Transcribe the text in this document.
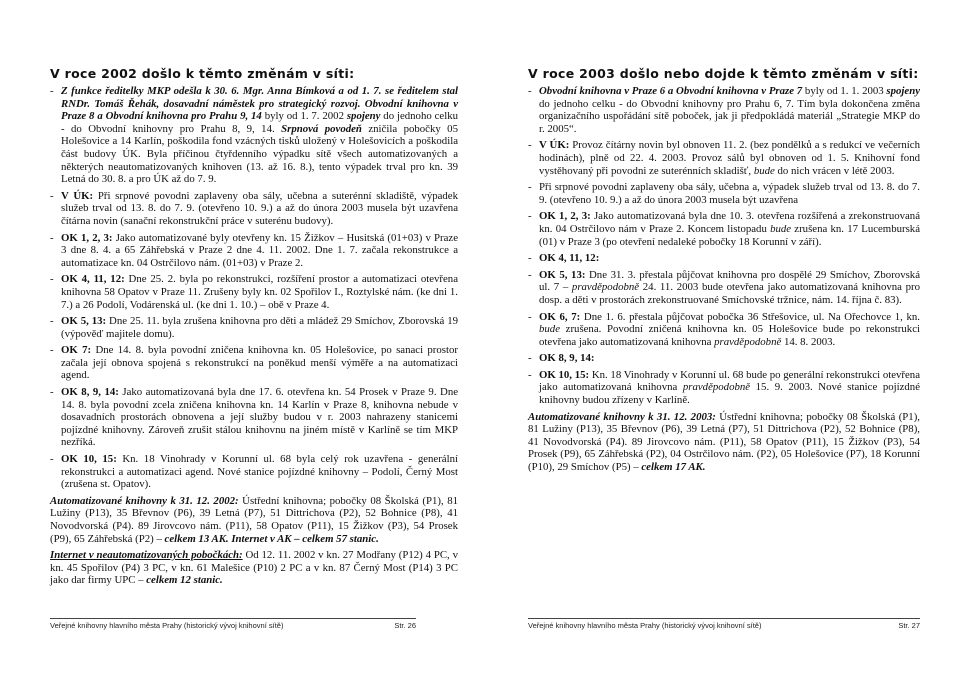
V roce 2002 došlo k těmto změnám v síti:

- Z funkce ředitelky MKP odešla k 30. 6. Mgr. Anna Bímková a od 1. 7. se ředitelem stal RNDr. Tomáš Řehák, dosavadní náměstek pro strategický rozvoj. Obvodní knihovna v Praze 8 a Obvodní knihovna pro Prahu 9, 14 byly od 1. 7. 2002 spojeny do jednoho celku - do Obvodní knihovny pro Prahu 8, 9, 14. Srpnová povodeň zničila pobočky 05 Holešovice a 14 Karlín, poškodila fond vzácných tisků uložený v Holešovicích a poškodila část budovy ÚK. Byla příčinou čtyřdenního výpadku sítě všech automatizovaných a některých neautomatizovaných knihoven (13. až 16. 8.), tento výpadek trval pro kn. 39 Letná do 30. 8. a pro ÚK až do 7. 9.

- V ÚK: Při srpnové povodni zaplaveny oba sály, učebna a suterénní skladiště, výpadek služeb trval od 13. 8. do 7. 9. (otevřeno 10. 9.) a až do února 2003 musela být uzavřena čítárna novin (sanační rekonstrukční práce v suterénu budovy).

- OK 1, 2, 3: Jako automatizované byly otevřeny kn. 15 Žižkov – Husitská (01+03) v Praze 3 dne 8. 4. a 65 Záhřebská v Praze 2 dne 4. 11. 2002. Dne 1. 7. začala rekonstrukce a automatizace kn. 04 Ostrčilovo nám. (01+03) v Praze 2.

- OK 4, 11, 12: Dne 25. 2. byla po rekonstrukci, rozšíření prostor a automatizaci otevřena knihovna 58 Opatov v Praze 11. Zrušeny byly kn. 02 Spořilov I., Roztylské nám. (ke dni 1. 7.) a 26 Podolí, Vodárenská ul. (ke dni 1. 10.) – obě v Praze 4.

- OK 5, 13: Dne 25. 11. byla zrušena knihovna pro děti a mládež 29 Smíchov, Zborovská 19 (výpověď majitele domu).

- OK 7: Dne 14. 8. byla povodní zničena knihovna kn. 05 Holešovice, po sanaci prostor začala její obnova spojená s rekonstrukcí na poněkud menší výměře a na automatizaci agend.

- OK 8, 9, 14: Jako automatizovaná byla dne 17. 6. otevřena kn. 54 Prosek v Praze 9. Dne 14. 8. byla povodní zcela zničena knihovna kn. 14 Karlín v Praze 8, knihovna nebude v dosavadních prostorách obnovena a její služby budou v r. 2003 nahrazeny stanicemi pojízdné knihovny. Zároveň zrušit stálou knihovnu na jiném místě v Karlíně se tím MKP nezříká.

- OK 10, 15: Kn. 18 Vinohrady v Korunní ul. 68 byla celý rok uzavřena - generální rekonstrukci a automatizaci agend. Nové stanice pojízdné knihovny – Podolí, Černý Most (zrušena st. Opatov).

Automatizované knihovny k 31. 12. 2002: Ústřední knihovna; pobočky 08 Školská (P1), 81 Lužiny (P13), 35 Břevnov (P6), 39 Letná (P7), 51 Dittrichova (P2), 52 Bohnice (P8), 41 Novodvorská (P4). 89 Jirovcovo nám. (P11), 58 Opatov (P11), 15 Žižkov (P3), 54 Prosek (P9), 65 Záhřebská (P2) – celkem 13 AK. Internet v AK – celkem 57 stanic.

Internet v neautomatizovaných pobočkách: Od 12. 11. 2002 v kn. 27 Modřany (P12) 4 PC, v kn. 45 Spořilov (P4) 3 PC, v kn. 61 Malešice (P10) 2 PC a v kn. 87 Černý Most (P14) 3 PC jako dar firmy UPC – celkem 12 stanic.

Veřejné knihovny hlavního města Prahy (historický vývoj knihovní sítě)	Str. 26
V roce 2003 došlo nebo dojde k těmto změnám v síti:

- Obvodní knihovna v Praze 6 a Obvodní knihovna v Praze 7 byly od 1. 1. 2003 spojeny do jednoho celku - do Obvodní knihovny pro Prahu 6, 7. Tím byla dokončena změna organizačního uspořádání sítě poboček, jak ji předpokládá materiál „Strategie MKP do r. 2005“.

- V ÚK: Provoz čítárny novin byl obnoven 11. 2. (bez pondělků a s redukcí ve večerních hodinách), plně od 22. 4. 2003. Provoz sálů byl obnoven od 1. 5. Knihovní fond vystěhovaný při povodni ze suterénních skladišť, bude do nich vrácen v létě 2003.

- Při srpnové povodni zaplaveny oba sály, učebna a, výpadek služeb trval od 13. 8. do 7. 9. (otevřeno 10. 9.) a až do února 2003 musela být uzavřena

- OK 1, 2, 3: Jako automatizovaná byla dne 10. 3. otevřena rozšířená a zrekonstruovaná kn. 04 Ostrčilovo nám v Praze 2. Koncem listopadu bude zrušena kn. 17 Lucemburská (01) v Praze 3 (po otevření nedaleké pobočky 18 Korunní v září).

- OK 4, 11, 12:

- OK 5, 13: Dne 31. 3. přestala půjčovat knihovna pro dospělé 29 Smíchov, Zborovská ul. 7 – pravděpodobně 24. 11. 2003 bude otevřena jako automatizovaná knihovna pro dosp. a děti v prostorách zrekonstruované Smíchovské tržnice, nám. 14. října č. 83).

- OK 6, 7: Dne 1. 6. přestala půjčovat pobočka 36 Střešovice, ul. Na Ořechovce 1, kn. bude zrušena. Povodní zničená knihovna kn. 05 Holešovice bude po rekonstrukci otevřena jako automatizovaná knihovna pravděpodobně 14. 8. 2003.

- OK 8, 9, 14:

- OK 10, 15: Kn. 18 Vinohrady v Korunní ul. 68 bude po generální rekonstrukci otevřena jako automatizovaná knihovna pravděpodobně 15. 9. 2003. Nové stanice pojízdné knihovny budou zřízeny v Karlíně.

Automatizované knihovny k 31. 12. 2003: Ústřední knihovna; pobočky 08 Školská (P1), 81 Lužiny (P13), 35 Břevnov (P6), 39 Letná (P7), 51 Dittrichova (P2), 52 Bohnice (P8), 41 Novodvorská (P4). 89 Jirovcovo nám. (P11), 58 Opatov (P11), 15 Žižkov (P3), 54 Prosek (P9), 65 Záhřebská (P2), 04 Ostrčilovo nám. (P2), 05 Holešovice (P7), 18 Korunní (P10), 29 Smíchov (P5) – celkem 17 AK.

Veřejné knihovny hlavního města Prahy (historický vývoj knihovní sítě)	Str. 27
